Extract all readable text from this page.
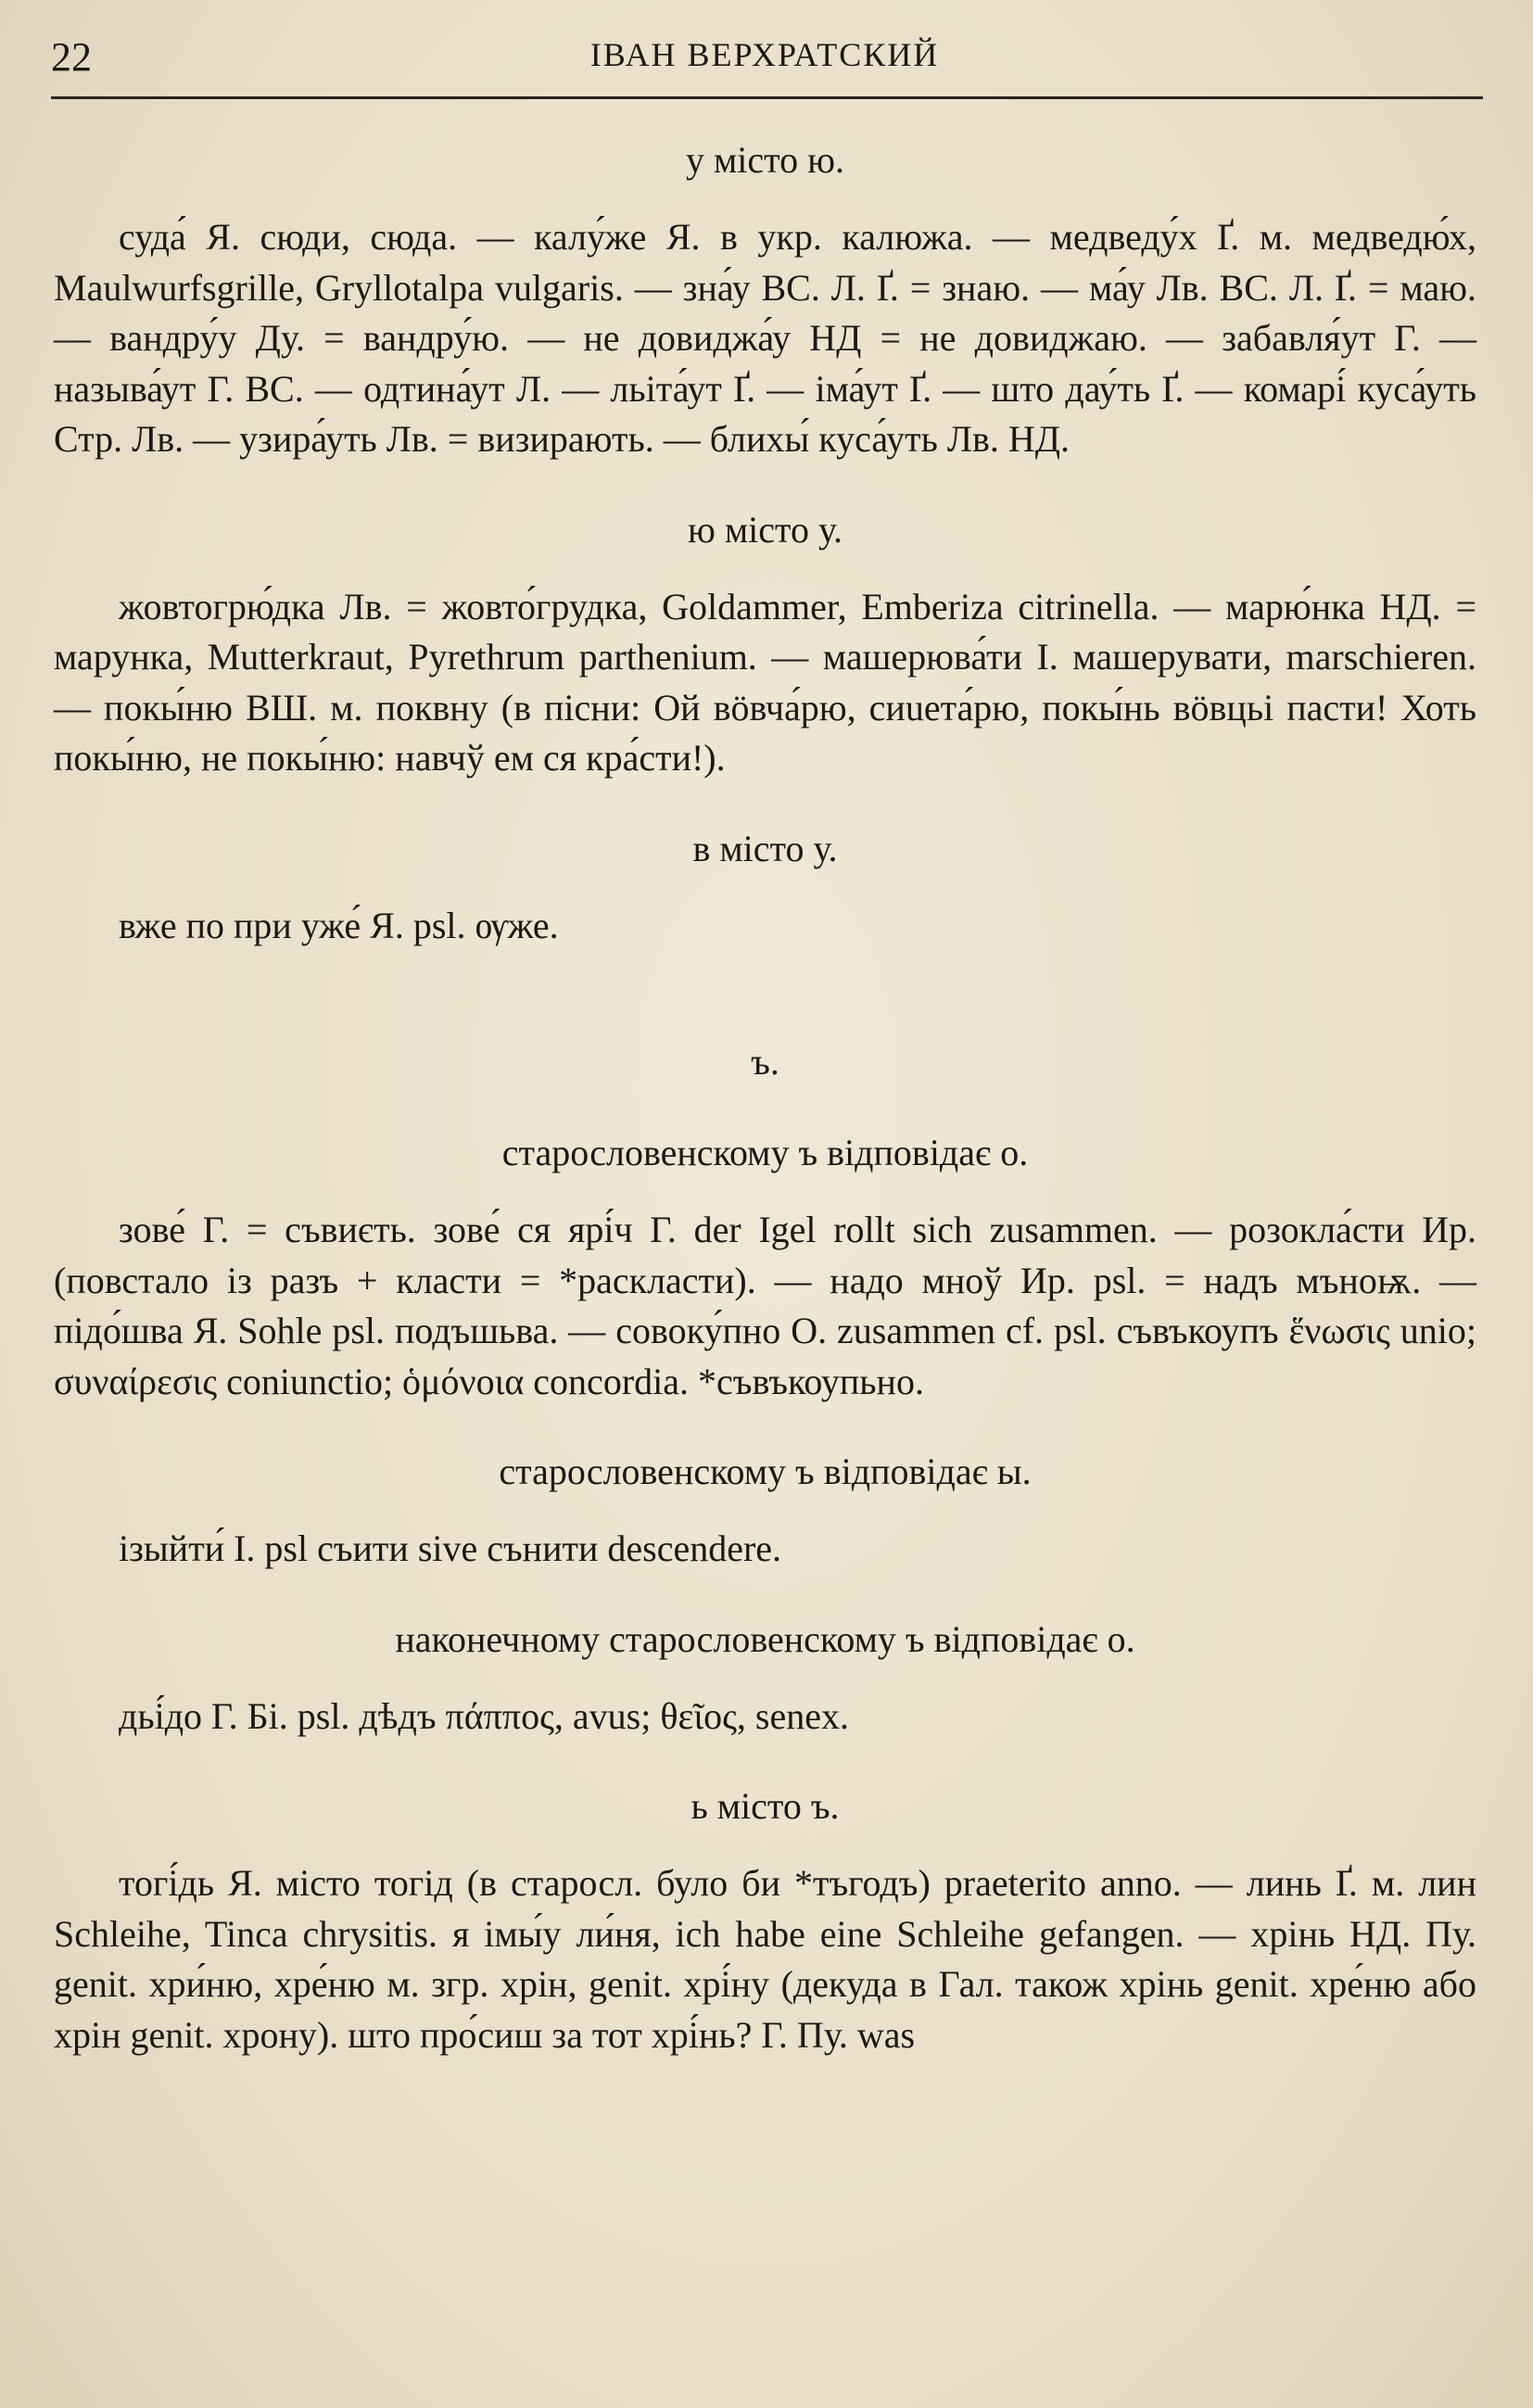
22	ІВАН ВЕРХРАТСКИЙ

у місто ю.

суда́ Я. сюди, сюда. — калу́же Я. в укр. калюжа. — медведу́х Ґ. м. медведю́х, Maulwurfsgrille, Gryllotalpa vulgaris. — зна́у ВС. Л. Ґ. = знаю. — ма́у Лв. ВС. Л. Ґ. = маю. — вандру́у Ду. = вандру́ю. — не довиджа́у НД = не довиджаю. — забавля́ут Г. — называ́ут Г. ВС. — одтина́ут Л. — льіта́ут Ґ. — іма́ут Ґ. — што дау́ть Ґ. — комарі́ куса́уть Стр. Лв. — узира́уть Лв. = визирають. — блихы́ куса́уть Лв. НД.

ю місто у.

жовтогрю́дка Лв. = жовто́грудка, Goldammer, Emberiza citrinella. — марю́нка НД. = марунка, Mutterkraut, Pyrethrum parthenium. — машерюва́ти І. машерувати, marschieren. — покы́ню ВШ. м. поквну (в пісни: Ой вöвча́рю, сиueта́рю, покы́нь вöвцьі пасти! Хоть покы́ню, не покы́ню: навчў ем ся кра́сти!).

в місто у.

вже по при уже́ Я. psl. ѹже.

ъ.

старословенскому ъ відповідає о.

зове́ Г. = съвиєть. зове́ ся ярі́ч Г. der Igel rollt sich zusammen. — розокла́сти Ир. (повстало із разъ + класти = *раскласти). — надо мноў Ир. psl. = надъ мъноѭ. — підо́шва Я. Sohle psl. подъшьва. — совоку́пно О. zusammen cf. psl. съвъкоупъ ἕνωσις unio; συναίρεσις coniunctio; ὁμόνοια concordia. *съвъкоупьно.

старословенскому ъ відповідає ы.

ізыйти́ І. psl съити sive сънити descendere.

наконечному старословенскому ъ відповідає о.

дьі́до Г. Бі. psl. дѣдъ πάππος, avus; θεῖος, senex.

ь місто ъ.

тогі́дь Я. місто тогід (в старосл. було би *тъгодъ) praeterito anno. — линь Ґ. м. лин Schleihe, Tinca chrysitis. я імы́у ли́ня, ich habe eine Schleihe gefangen. — хрінь НД. Пу. genit. хри́ню, хре́ню м. згр. хрін, genit. хрі́ну (декуда в Гал. також хрінь genit. хре́ню або хрін genit. хрону). што про́сиш за тот хрі́нь? Г. Пу. was
